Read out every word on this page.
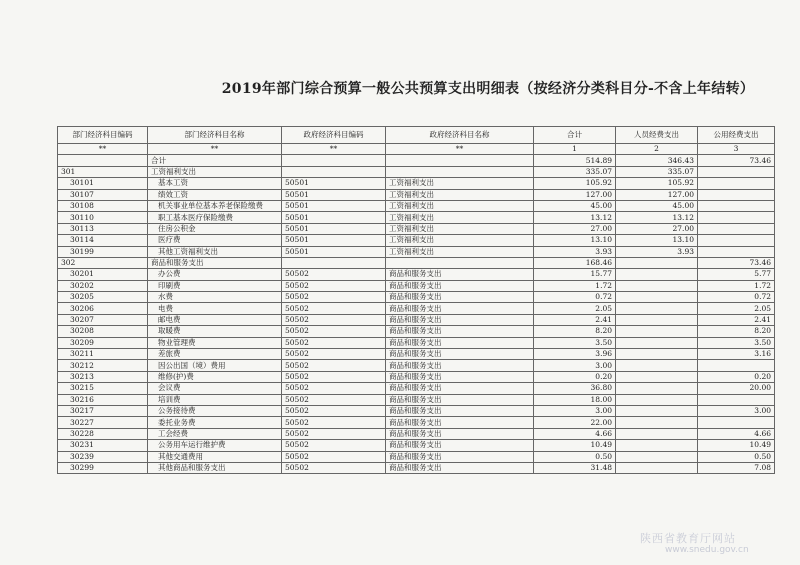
2019年部门综合预算一般公共预算支出明细表（按经济分类科目分-不含上年结转）
部门经济科目编码	部门经济科目名称	政府经济科目编码	政府经济科目名称	合计	人员经费支出	公用经费支出
**	**	**	**	1	2	3
	合计			514.89	346.43	73.46
301	工资福利支出			335.07	335.07	
30101	基本工资	50501	工资福利支出	105.92	105.92	
30107	绩效工资	50501	工资福利支出	127.00	127.00	
30108	机关事业单位基本养老保险缴费	50501	工资福利支出	45.00	45.00	
30110	职工基本医疗保险缴费	50501	工资福利支出	13.12	13.12	
30113	住房公积金	50501	工资福利支出	27.00	27.00	
30114	医疗费	50501	工资福利支出	13.10	13.10	
30199	其他工资福利支出	50501	工资福利支出	3.93	3.93	
302	商品和服务支出			168.46		73.46
30201	办公费	50502	商品和服务支出	15.77		5.77
30202	印刷费	50502	商品和服务支出	1.72		1.72
30205	水费	50502	商品和服务支出	0.72		0.72
30206	电费	50502	商品和服务支出	2.05		2.05
30207	邮电费	50502	商品和服务支出	2.41		2.41
30208	取暖费	50502	商品和服务支出	8.20		8.20
30209	物业管理费	50502	商品和服务支出	3.50		3.50
30211	差旅费	50502	商品和服务支出	3.96		3.16
30212	因公出国（境）费用	50502	商品和服务支出	3.00		
30213	维修(护)费	50502	商品和服务支出	0.20		0.20
30215	会议费	50502	商品和服务支出	36.80		20.00
30216	培训费	50502	商品和服务支出	18.00		
30217	公务接待费	50502	商品和服务支出	3.00		3.00
30227	委托业务费	50502	商品和服务支出	22.00		
30228	工会经费	50502	商品和服务支出	4.66		4.66
30231	公务用车运行维护费	50502	商品和服务支出	10.49		10.49
30239	其他交通费用	50502	商品和服务支出	0.50		0.50
30299	其他商品和服务支出	50502	商品和服务支出	31.48		7.08
陕西省教育厅网站
www.snedu.gov.cn
